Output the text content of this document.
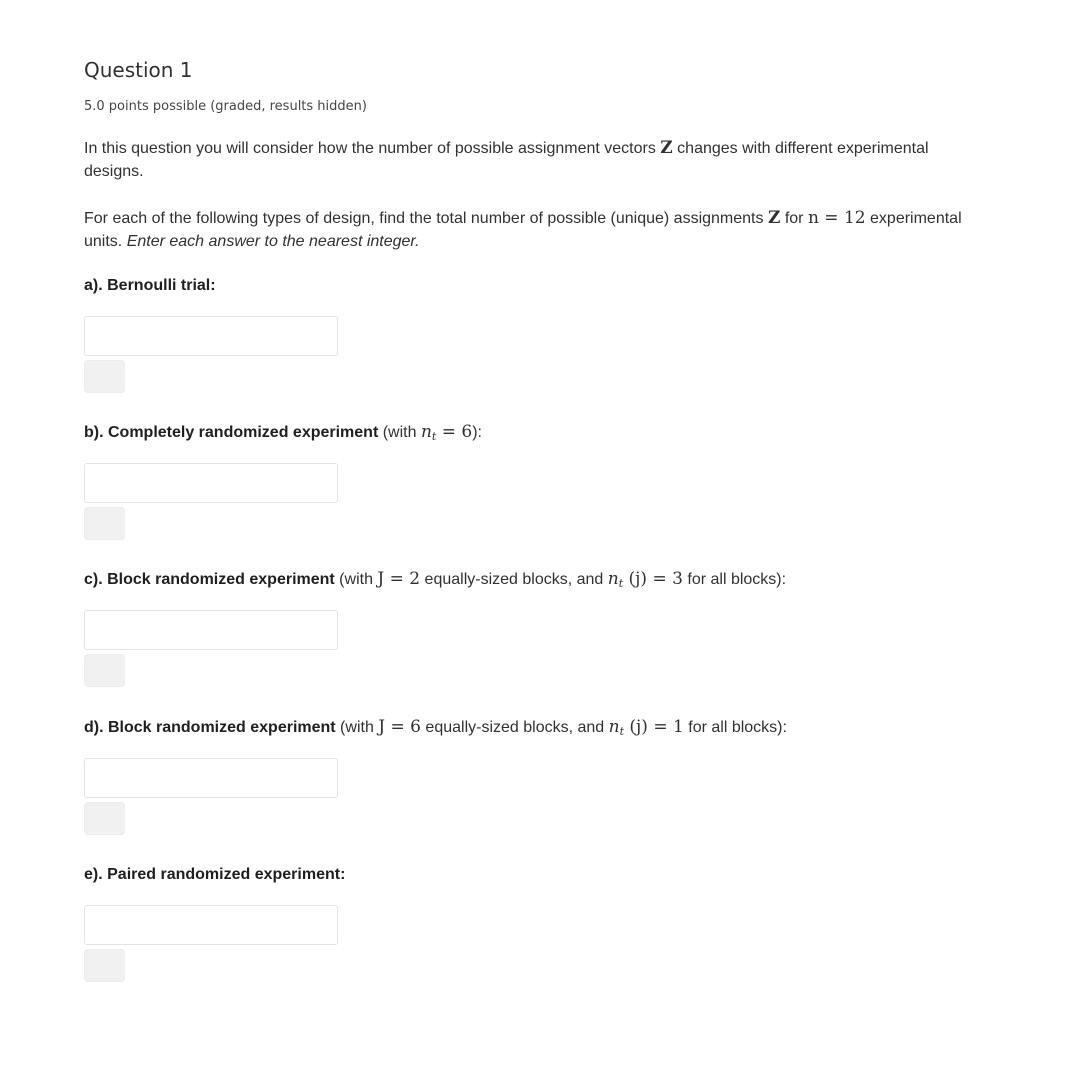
Question 1
5.0 points possible (graded, results hidden)

In this question you will consider how the number of possible assignment vectors Z changes with different experimental designs.

For each of the following types of design, find the total number of possible (unique) assignments Z for n = 12 experimental units. Enter each answer to the nearest integer.

a). Bernoulli trial:

b). Completely randomized experiment (with $n_t = 6$):

c). Block randomized experiment (with J = 2 equally-sized blocks, and $n_t$ (j) = 3 for all blocks):

d). Block randomized experiment (with J = 6 equally-sized blocks, and $n_t$ (j) = 1 for all blocks):

e). Paired randomized experiment:
